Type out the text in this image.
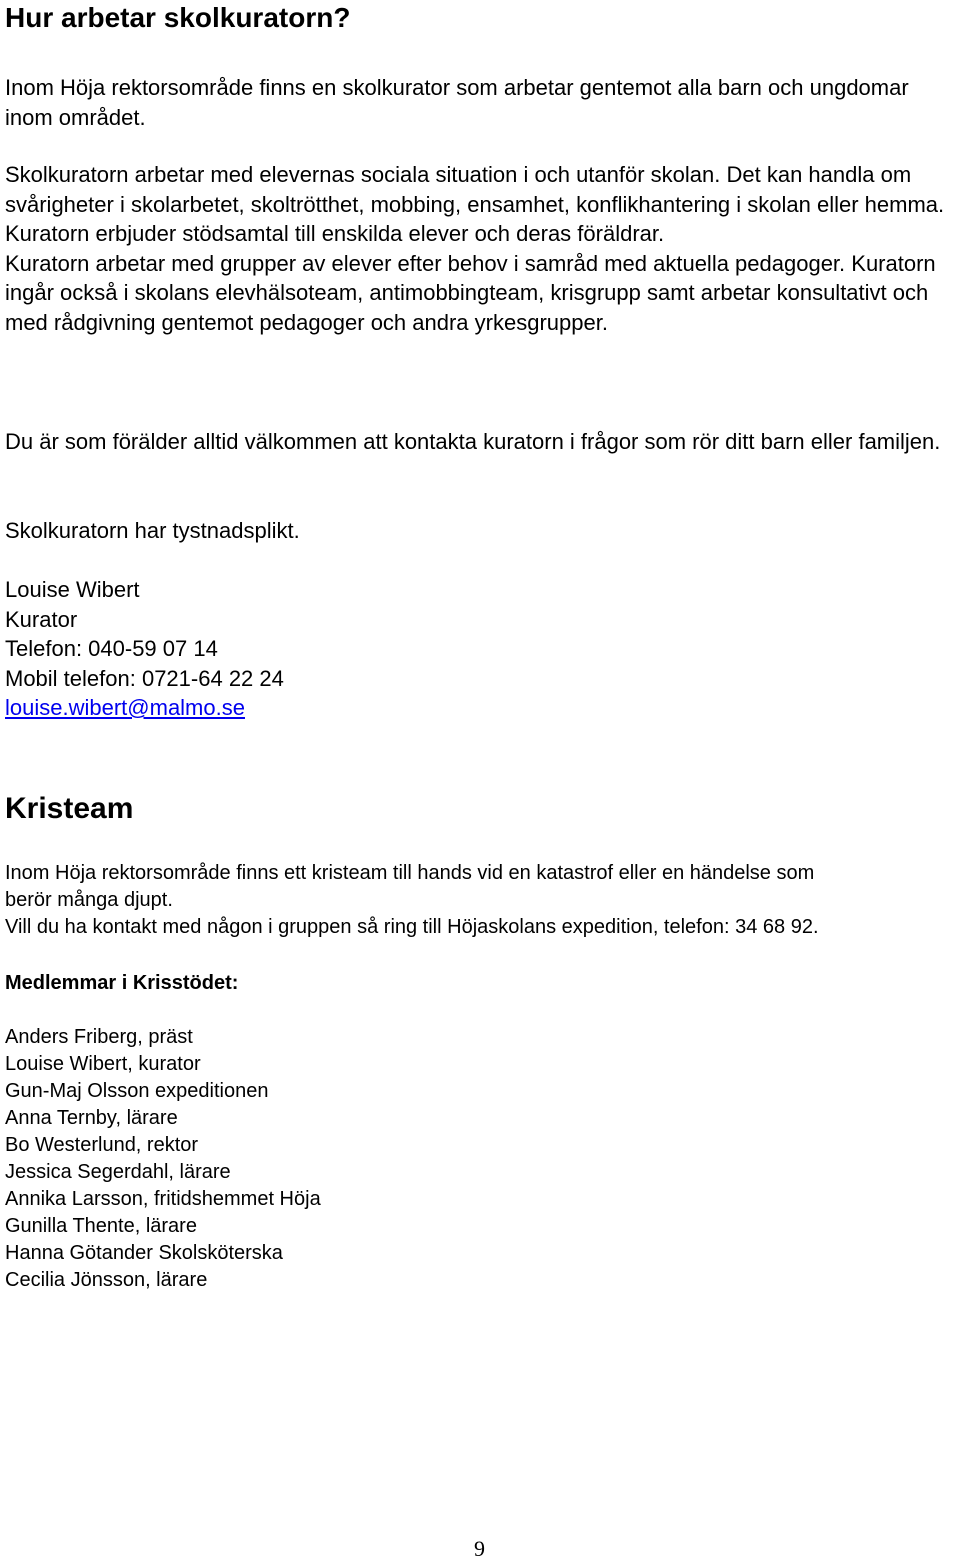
Hur arbetar skolkuratorn?
Inom Höja rektorsområde finns en skolkurator som arbetar gentemot alla barn och ungdomar inom området.

Skolkuratorn arbetar med elevernas sociala situation i och utanför skolan. Det kan handla om svårigheter i skolarbetet, skoltrötthet, mobbing, ensamhet, konflikhantering i skolan eller hemma.

Kuratorn erbjuder stödsamtal till enskilda elever och deras föräldrar.

Kuratorn arbetar med grupper av elever efter behov i samråd med aktuella pedagoger. Kuratorn ingår också i skolans elevhälsoteam, antimobbingteam, krisgrupp samt arbetar konsultativt och med rådgivning gentemot pedagoger och andra yrkesgrupper.

Du är som förälder alltid välkommen att kontakta kuratorn i frågor som rör ditt barn eller familjen.
Skolkuratorn har tystnadsplikt.
Louise Wibert
Kurator
Telefon: 040-59 07 14
Mobil telefon: 0721-64 22 24
louise.wibert@malmo.se
Kristeam

Inom Höja rektorsområde finns ett kristeam till hands vid en katastrof eller en händelse som berör många djupt.

Vill du ha kontakt med någon i gruppen så ring till Höjaskolans expedition, telefon: 34 68 92.

Medlemmar i Krisstödet:
Anders Friberg, präst
Louise Wibert, kurator
Gun-Maj Olsson expeditionen
Anna Ternby, lärare
Bo Westerlund, rektor
Jessica Segerdahl, lärare
Annika Larsson, fritidshemmet Höja
Gunilla Thente, lärare
Hanna Götander Skolsköterska
Cecilia Jönsson, lärare
9
